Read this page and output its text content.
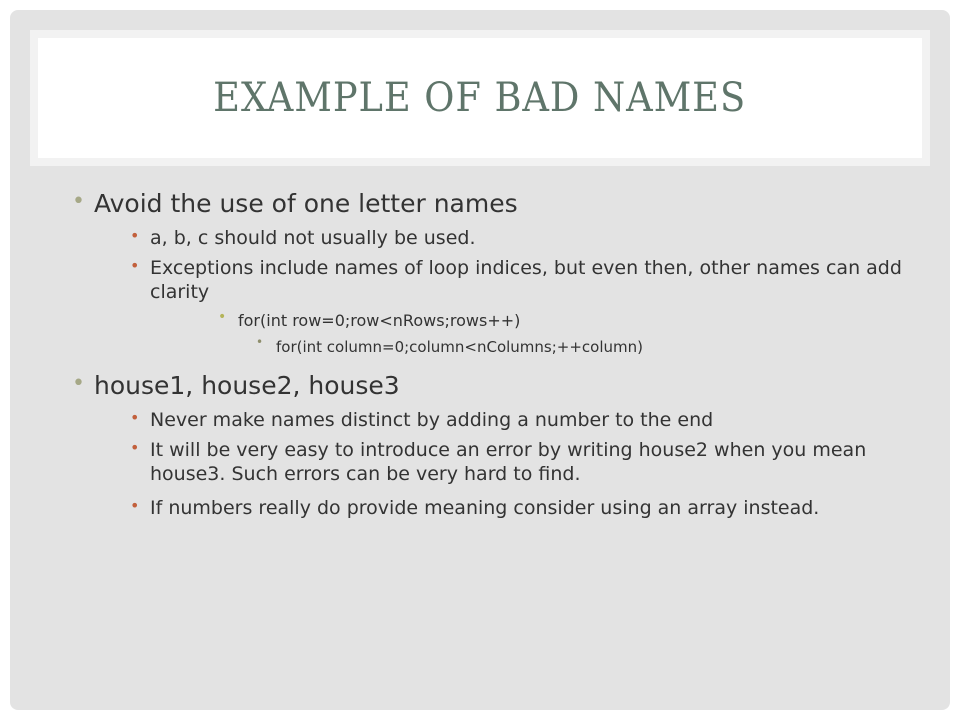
EXAMPLE OF BAD NAMES
• Avoid the use of one letter names
• a, b, c should not usually be used.
• Exceptions include names of loop indices, but even then, other names can add clarity
• for(int row=0;row<nRows;rows++)
• for(int column=0;column<nColumns;++column)
• house1, house2, house3
• Never make names distinct by adding a number to the end
• It will be very easy to introduce an error by writing house2 when you mean house3. Such errors can be very hard to find.
• If numbers really do provide meaning consider using an array instead.
